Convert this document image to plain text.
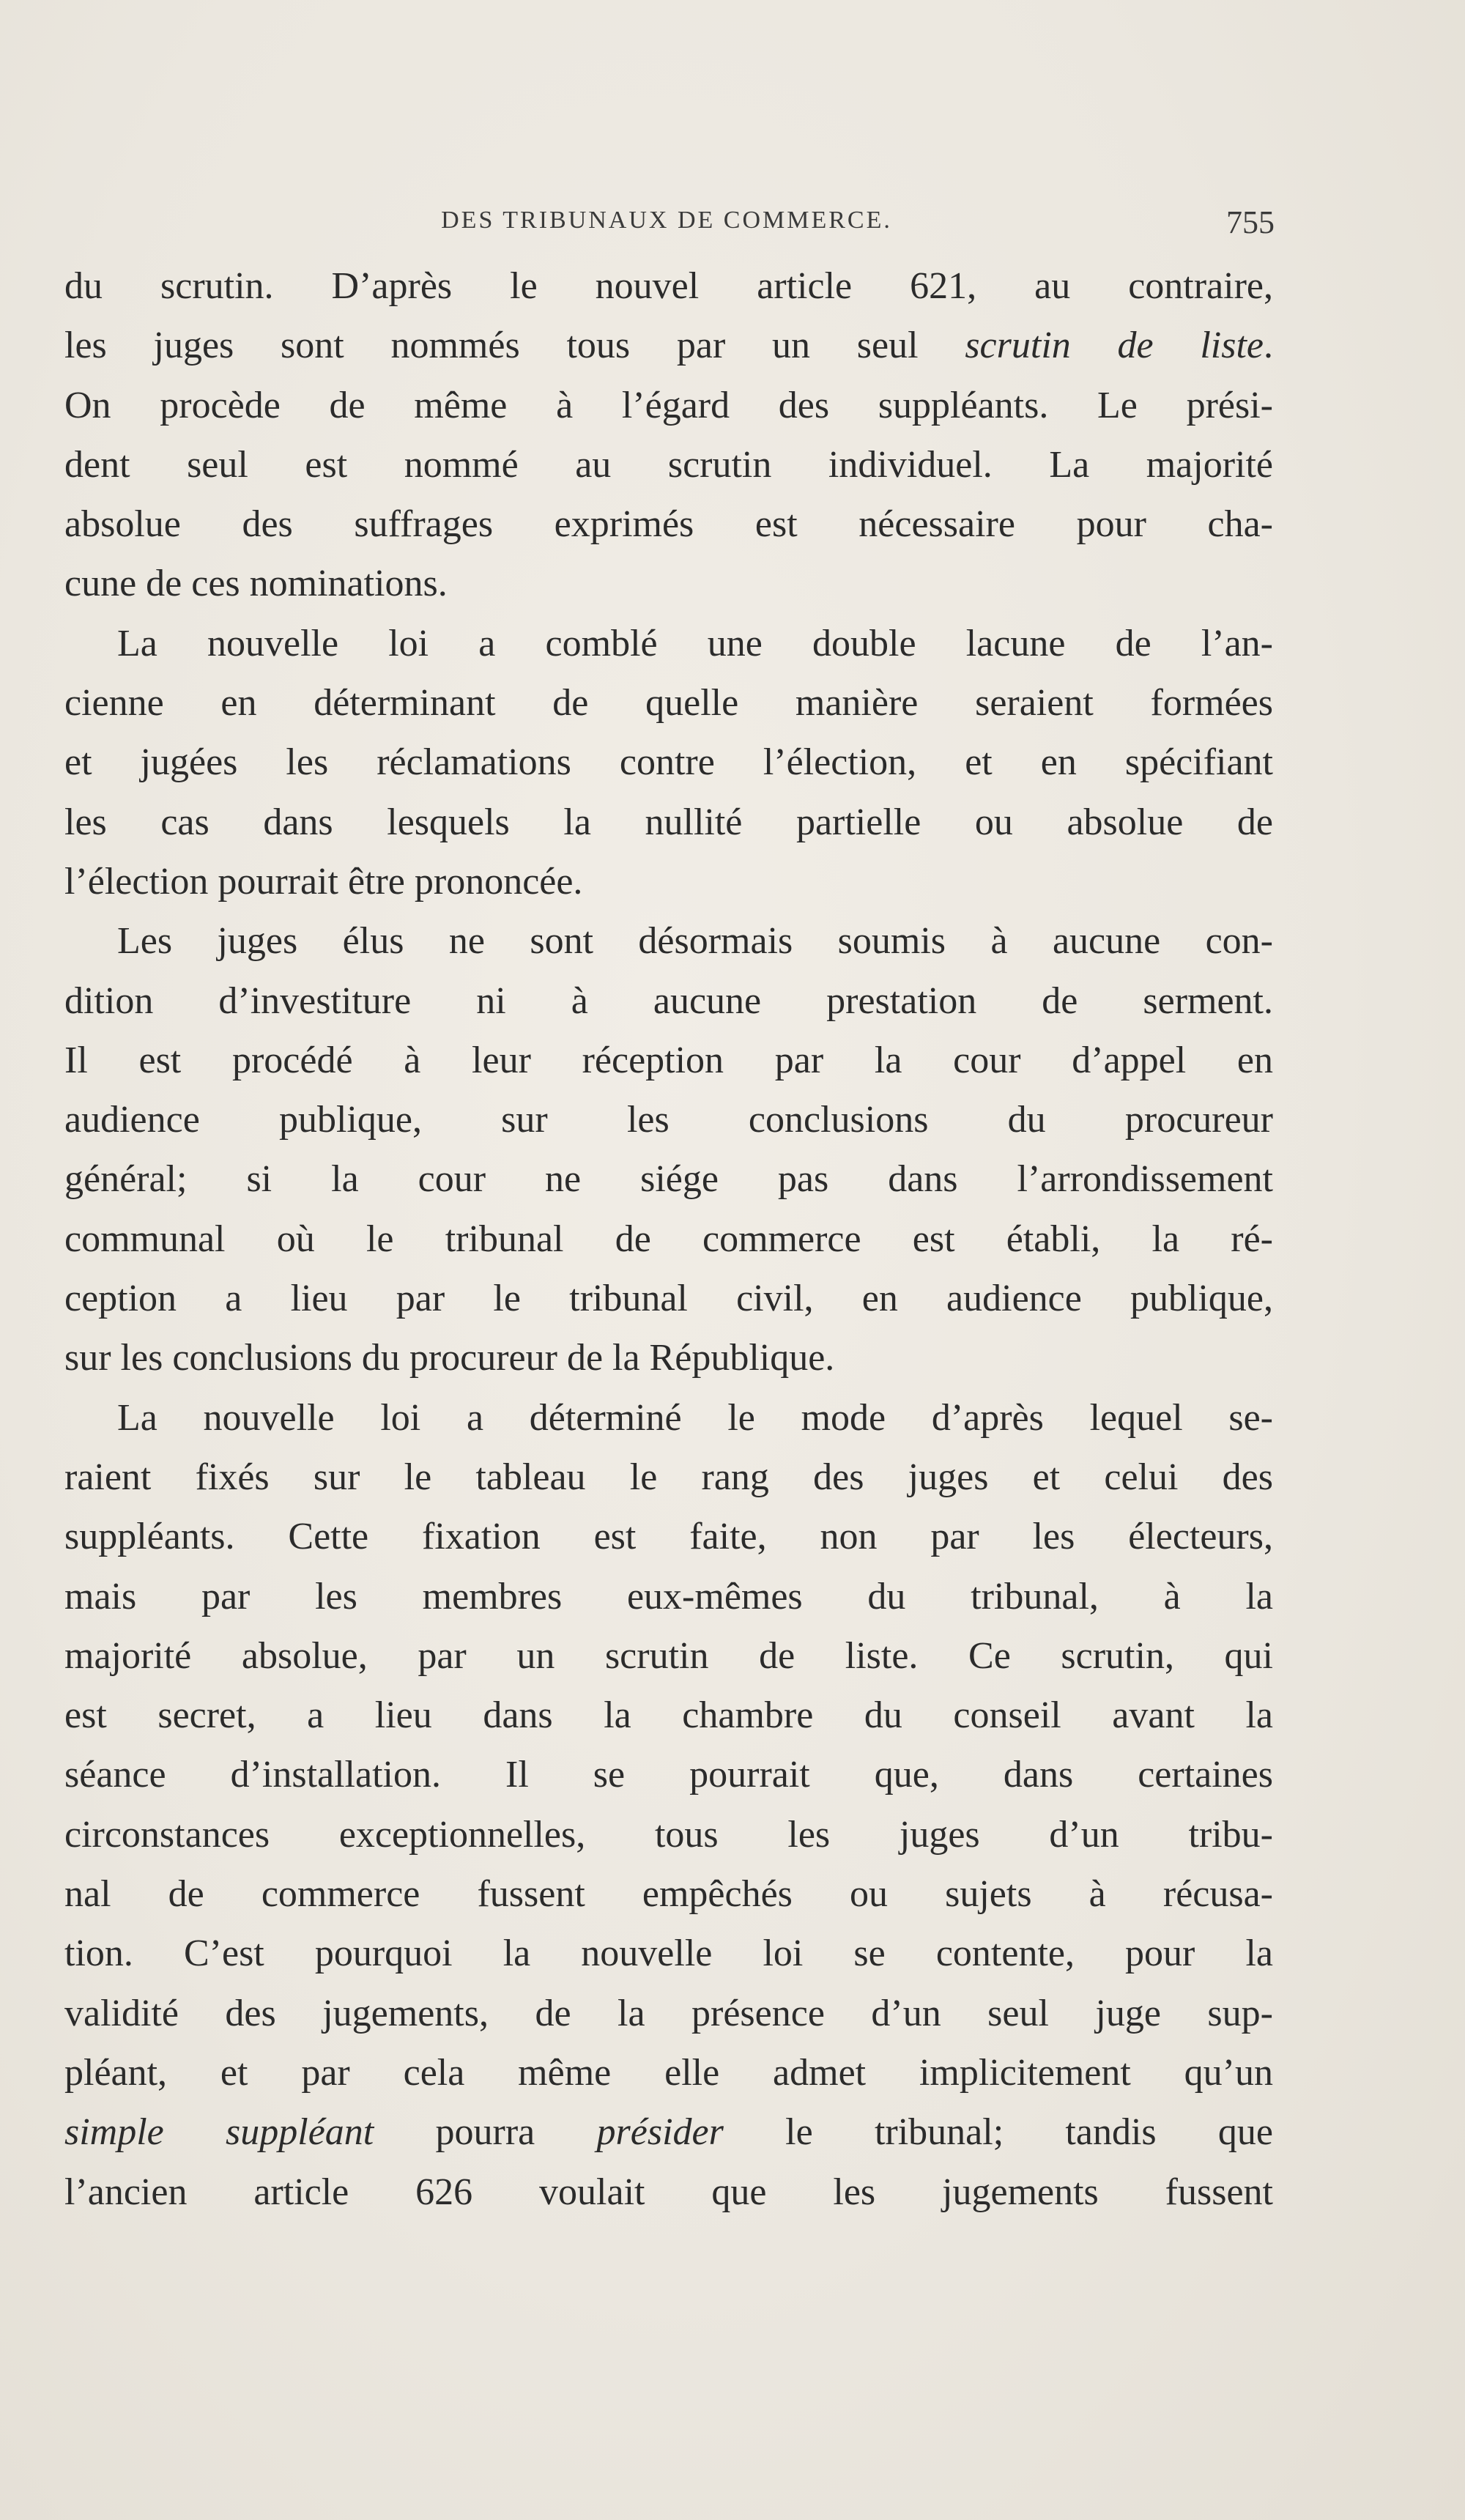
DES TRIBUNAUX DE COMMERCE.	755
du scrutin. D’après le nouvel article 621, au contraire,
les juges sont nommés tous par un seul scrutin de liste.
On procède de même à l’égard des suppléants. Le prési-
dent seul est nommé au scrutin individuel. La majorité
absolue des suffrages exprimés est nécessaire pour cha-
cune de ces nominations.
La nouvelle loi a comblé une double lacune de l’an-
cienne en déterminant de quelle manière seraient formées
et jugées les réclamations contre l’élection, et en spécifiant
les cas dans lesquels la nullité partielle ou absolue de
l’élection pourrait être prononcée.
Les juges élus ne sont désormais soumis à aucune con-
dition d’investiture ni à aucune prestation de serment.
Il est procédé à leur réception par la cour d’appel en
audience publique, sur les conclusions du procureur
général; si la cour ne siége pas dans l’arrondissement
communal où le tribunal de commerce est établi, la ré-
ception a lieu par le tribunal civil, en audience publique,
sur les conclusions du procureur de la République.
La nouvelle loi a déterminé le mode d’après lequel se-
raient fixés sur le tableau le rang des juges et celui des
suppléants. Cette fixation est faite, non par les électeurs,
mais par les membres eux-mêmes du tribunal, à la
majorité absolue, par un scrutin de liste. Ce scrutin, qui
est secret, a lieu dans la chambre du conseil avant la
séance d’installation. Il se pourrait que, dans certaines
circonstances exceptionnelles, tous les juges d’un tribu-
nal de commerce fussent empêchés ou sujets à récusa-
tion. C’est pourquoi la nouvelle loi se contente, pour la
validité des jugements, de la présence d’un seul juge sup-
pléant, et par cela même elle admet implicitement qu’un
simple suppléant pourra présider le tribunal; tandis que
l’ancien article 626 voulait que les jugements fussent
